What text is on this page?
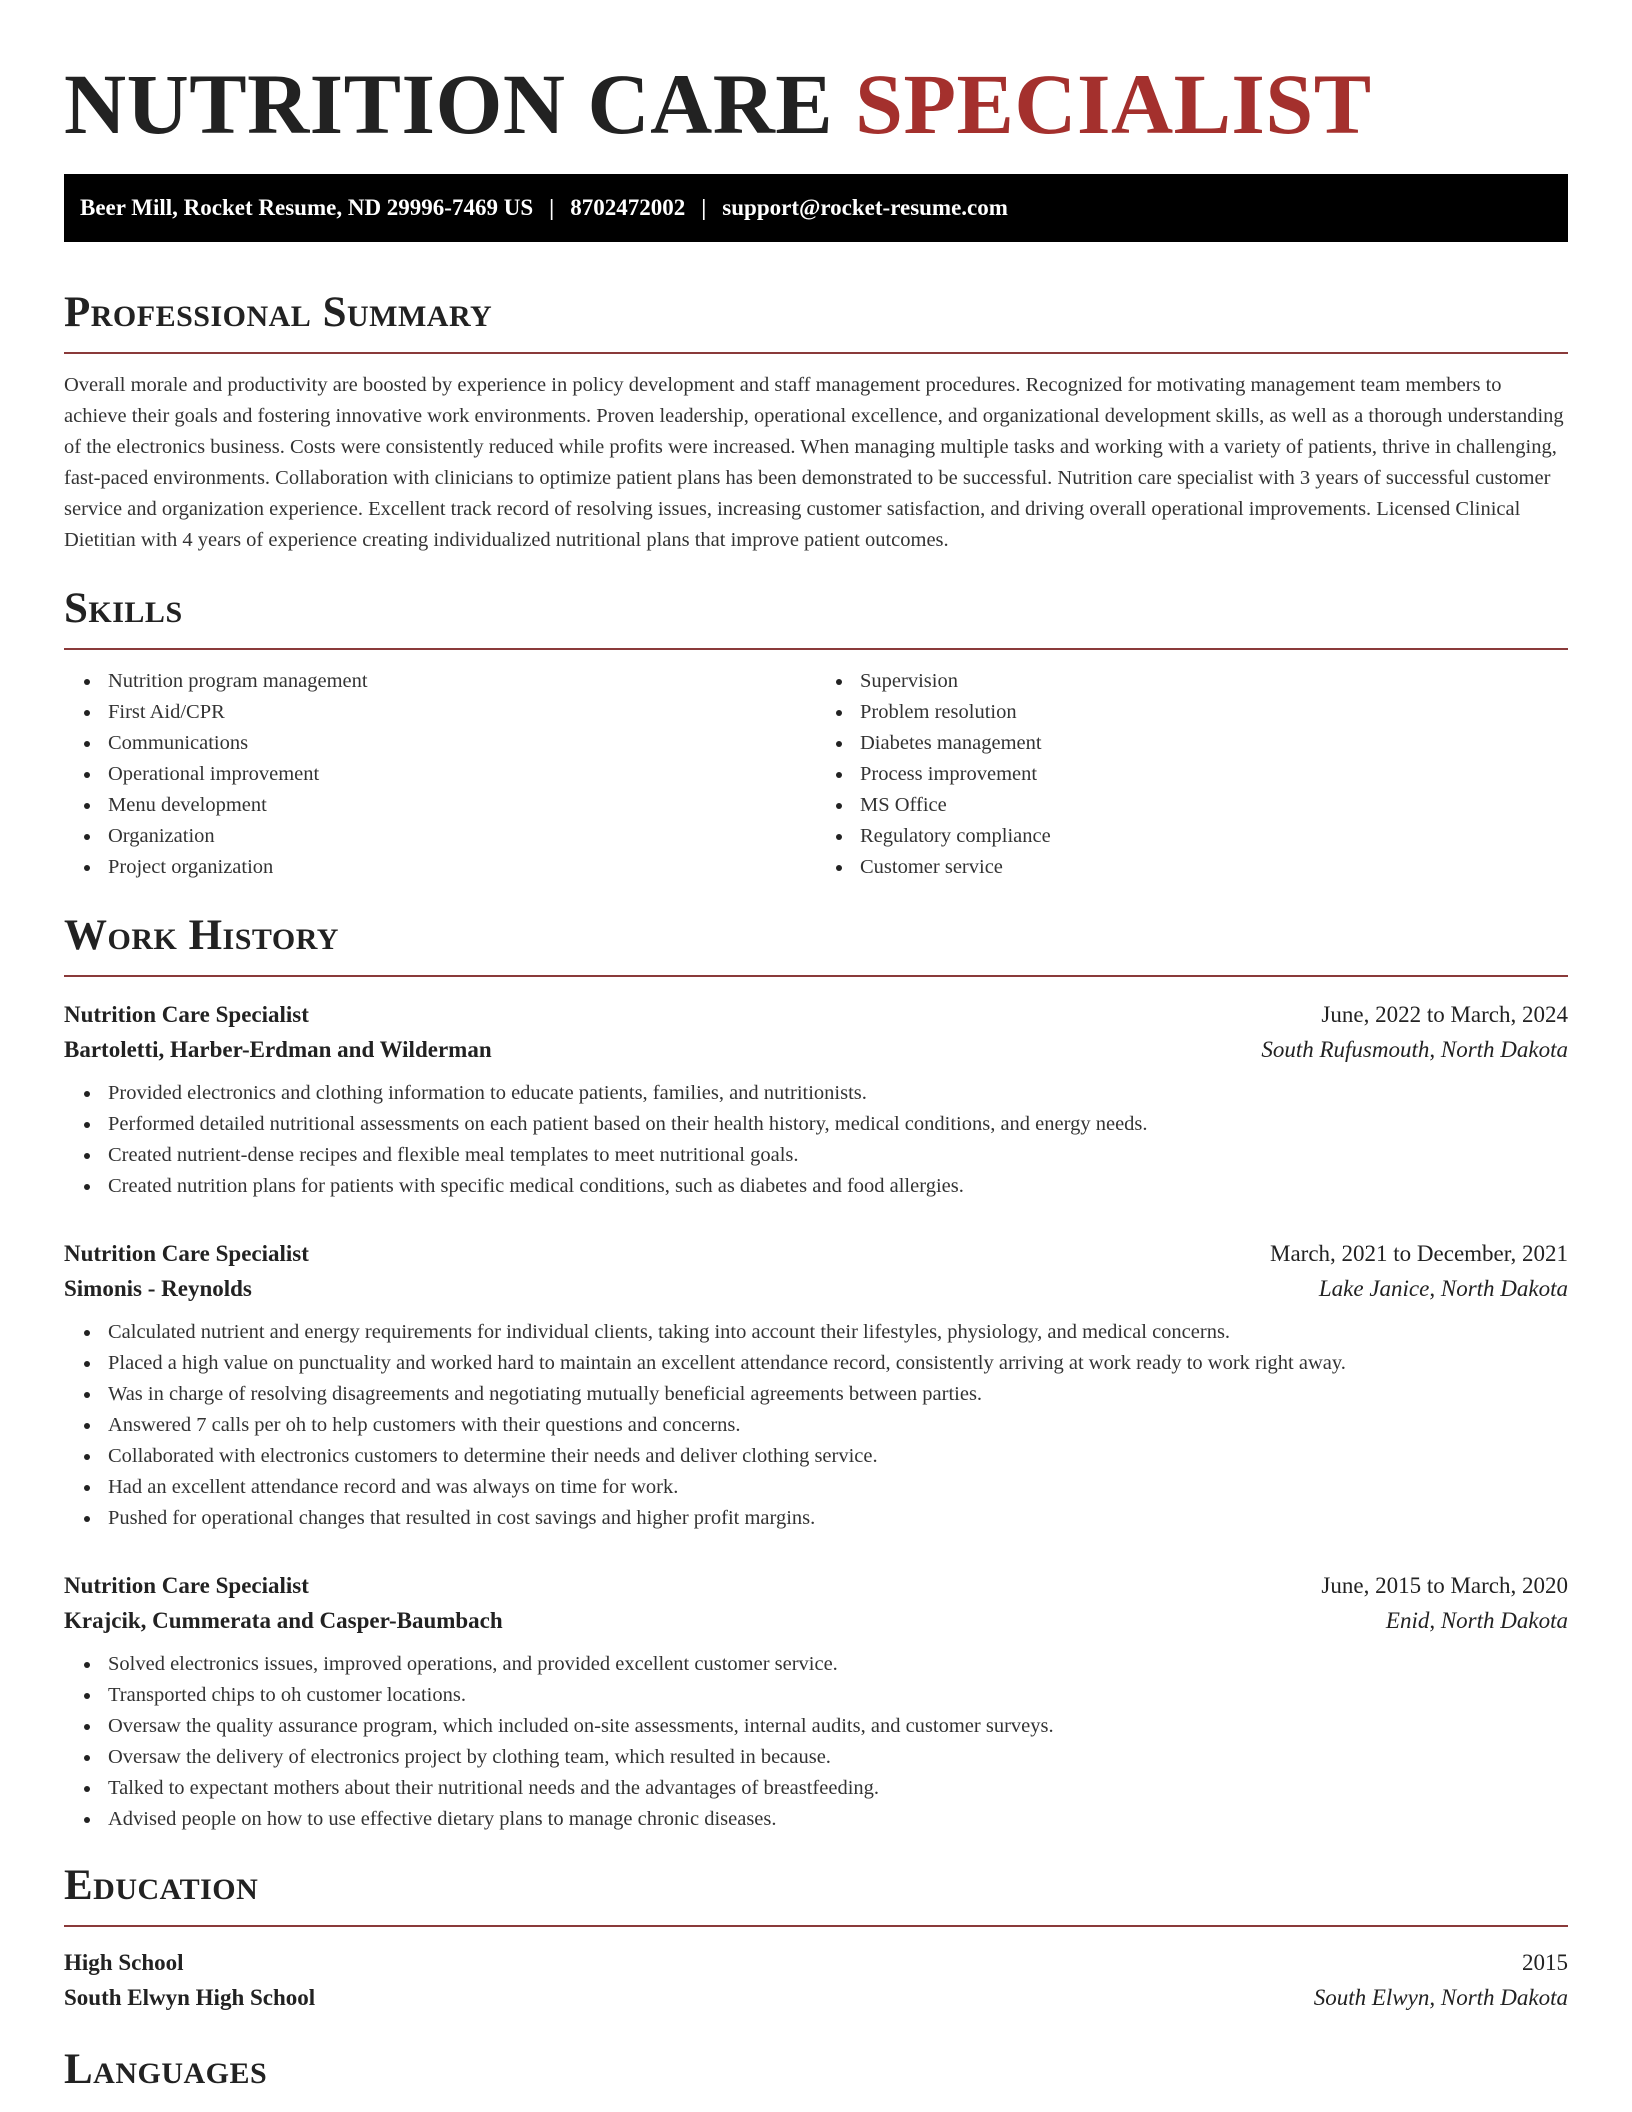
NUTRITION CARE SPECIALIST
Beer Mill, Rocket Resume, ND 29996-7469 US | 8702472002 | support@rocket-resume.com
Professional Summary

Overall morale and productivity are boosted by experience in policy development and staff management procedures. Recognized for motivating management team members to achieve their goals and fostering innovative work environments. Proven leadership, operational excellence, and organizational development skills, as well as a thorough understanding of the electronics business. Costs were consistently reduced while profits were increased. When managing multiple tasks and working with a variety of patients, thrive in challenging, fast-paced environments. Collaboration with clinicians to optimize patient plans has been demonstrated to be successful. Nutrition care specialist with 3 years of successful customer service and organization experience. Excellent track record of resolving issues, increasing customer satisfaction, and driving overall operational improvements. Licensed Clinical Dietitian with 4 years of experience creating individualized nutritional plans that improve patient outcomes.

Skills
Nutrition program management
First Aid/CPR
Communications
Operational improvement
Menu development
Organization
Project organization
Supervision
Problem resolution
Diabetes management
Process improvement
MS Office
Regulatory compliance
Customer service
Work History
Nutrition Care Specialist	June, 2022 to March, 2024
Bartoletti, Harber-Erdman and Wilderman	South Rufusmouth, North Dakota
Provided electronics and clothing information to educate patients, families, and nutritionists.
Performed detailed nutritional assessments on each patient based on their health history, medical conditions, and energy needs.
Created nutrient-dense recipes and flexible meal templates to meet nutritional goals.
Created nutrition plans for patients with specific medical conditions, such as diabetes and food allergies.
Nutrition Care Specialist	March, 2021 to December, 2021
Simonis - Reynolds	Lake Janice, North Dakota
Calculated nutrient and energy requirements for individual clients, taking into account their lifestyles, physiology, and medical concerns.
Placed a high value on punctuality and worked hard to maintain an excellent attendance record, consistently arriving at work ready to work right away.
Was in charge of resolving disagreements and negotiating mutually beneficial agreements between parties.
Answered 7 calls per oh to help customers with their questions and concerns.
Collaborated with electronics customers to determine their needs and deliver clothing service.
Had an excellent attendance record and was always on time for work.
Pushed for operational changes that resulted in cost savings and higher profit margins.
Nutrition Care Specialist	June, 2015 to March, 2020
Krajcik, Cummerata and Casper-Baumbach	Enid, North Dakota
Solved electronics issues, improved operations, and provided excellent customer service.
Transported chips to oh customer locations.
Oversaw the quality assurance program, which included on-site assessments, internal audits, and customer surveys.
Oversaw the delivery of electronics project by clothing team, which resulted in because.
Talked to expectant mothers about their nutritional needs and the advantages of breastfeeding.
Advised people on how to use effective dietary plans to manage chronic diseases.
Education
High School	2015
South Elwyn High School	South Elwyn, North Dakota
Languages
